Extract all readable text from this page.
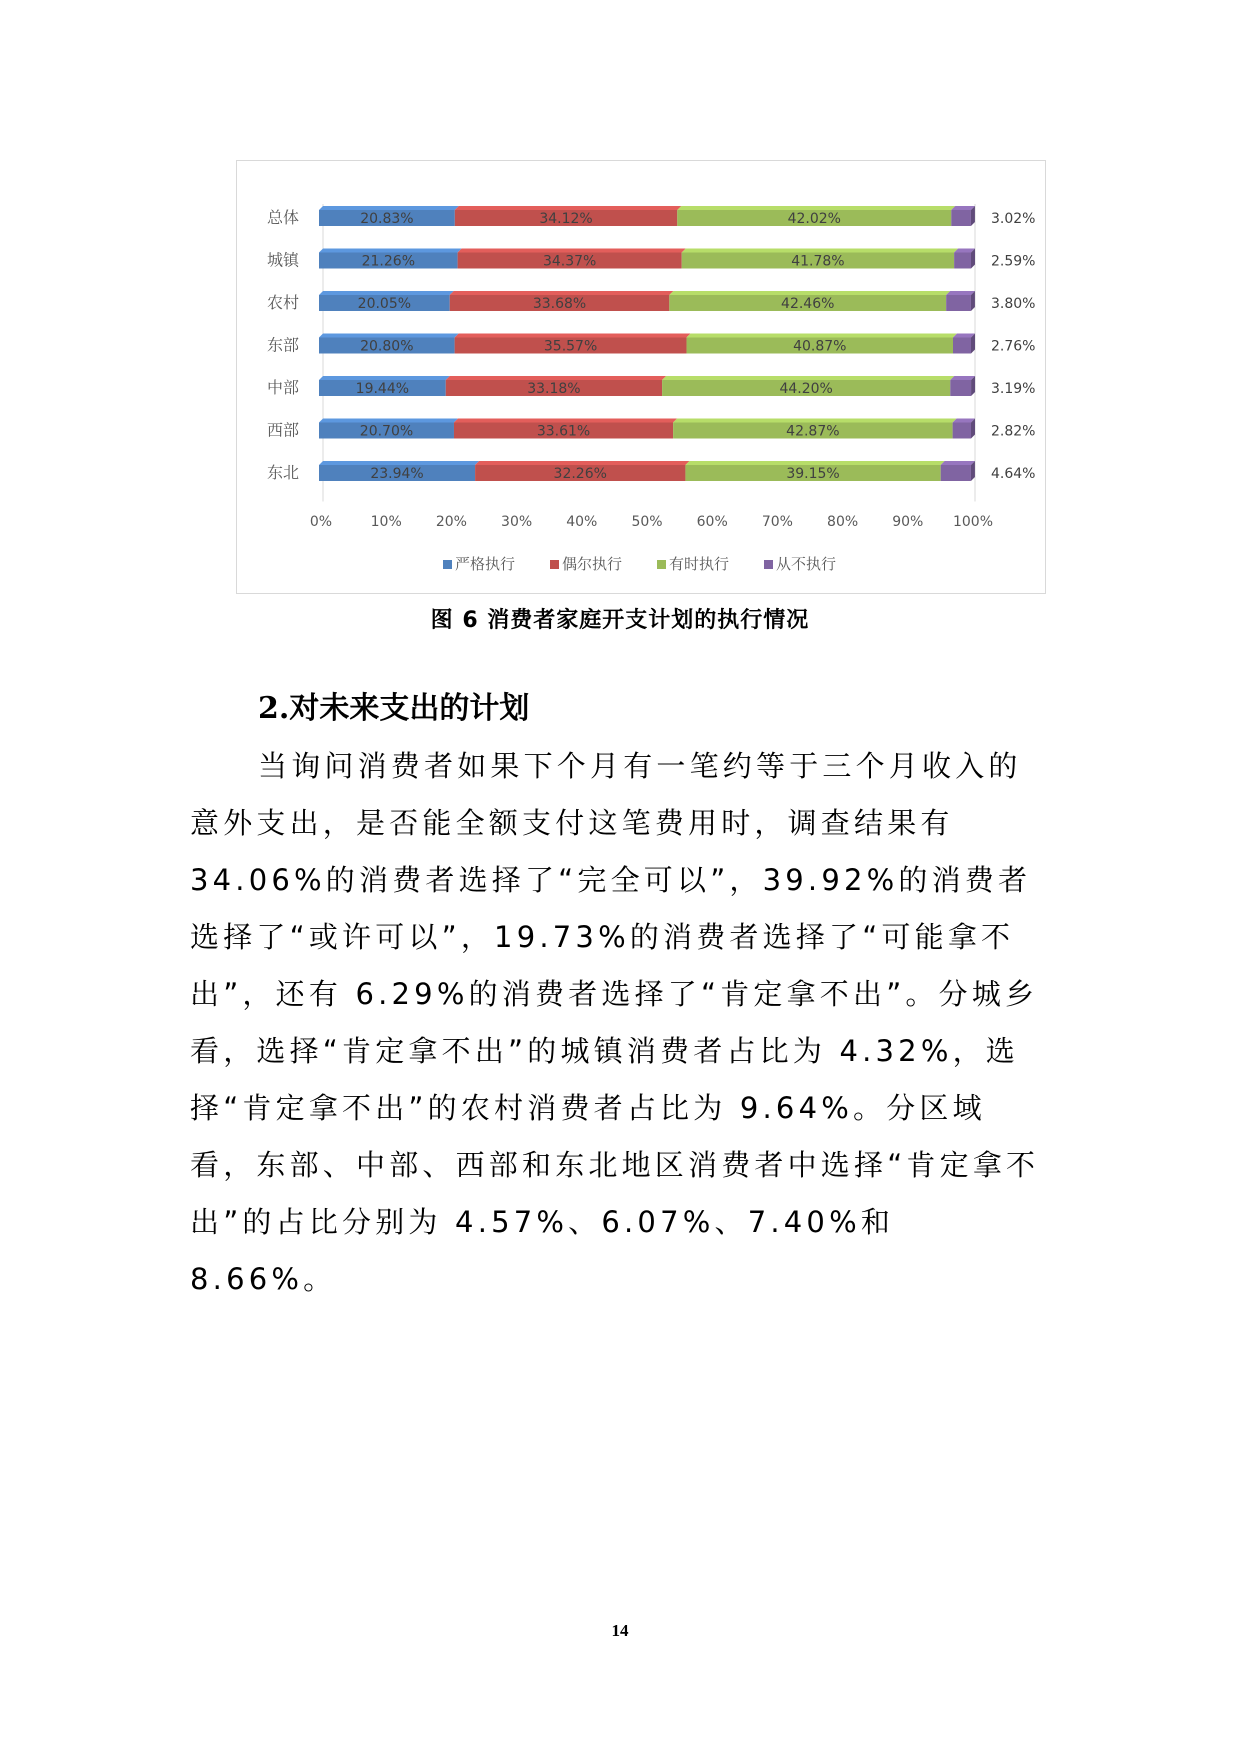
总体	20.83%	34.12%	42.02%	3.02%
城镇	21.26%	34.37%	41.78%	2.59%
农村	20.05%	33.68%	42.46%	3.80%
东部	20.80%	35.57%	40.87%	2.76%
中部	19.44%	33.18%	44.20%	3.19%
西部	20.70%	33.61%	42.87%	2.82%
东北	23.94%	32.26%	39.15%	4.64%
0%	10% 20% 30% 40% 50% 60% 70% 80% 90% 100%
严格执行	偶尔执行	有时执行	从不执行
图 6 消费者家庭开支计划的执行情况
2.对未来支出的计划

当询问消费者如果下个月有一笔约等于三个月收入的意外支出，是否能全额支付这笔费用时，调查结果有 34.06%的消费者选择了“完全可以”，39.92%的消费者选择了“或许可以”，19.73%的消费者选择了“可能拿不出”，还有 6.29%的消费者选择了“肯定拿不出”。分城乡看，选择“肯定拿不出”的城镇消费者占比为 4.32%，选择“肯定拿不出”的农村消费者占比为 9.64%。分区域看，东部、中部、西部和东北地区消费者中选择“肯定拿不出”的占比分别为 4.57%、6.07%、7.40%和 8.66%。

14
